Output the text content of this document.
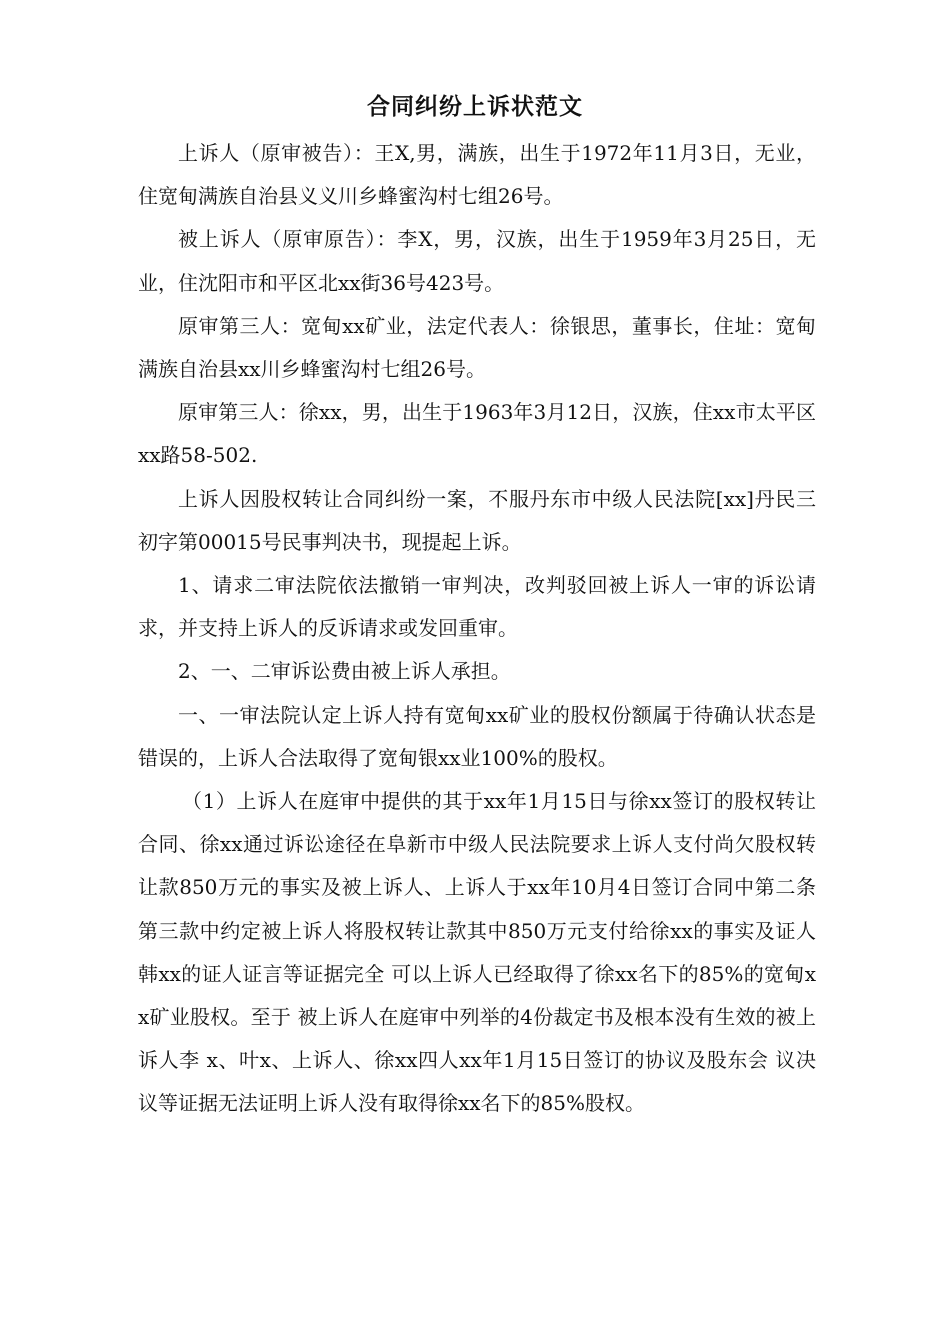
合同纠纷上诉状范文

上诉人（原审被告）：王X,男，满族，出生于1972年11月3日，无业，住宽甸满族自治县义义川乡蜂蜜沟村七组26号。

被上诉人（原审原告）：李X，男，汉族，出生于1959年3月25日，无业，住沈阳市和平区北xx街36号423号。

原审第三人：宽甸xx矿业，法定代表人：徐银思，董事长，住址：宽甸满族自治县xx川乡蜂蜜沟村七组26号。

原审第三人：徐xx，男，出生于1963年3月12日，汉族，住xx市太平区xx路58-502.

上诉人因股权转让合同纠纷一案，不服丹东市中级人民法院[xx]丹民三初字第00015号民事判决书，现提起上诉。

1、请求二审法院依法撤销一审判决，改判驳回被上诉人一审的诉讼请求，并支持上诉人的反诉请求或发回重审。

2、一、二审诉讼费由被上诉人承担。

一、一审法院认定上诉人持有宽甸xx矿业的股权份额属于待确认状态是错误的，上诉人合法取得了宽甸银xx业100%的股权。

（1）上诉人在庭审中提供的其于xx年1月15日与徐xx签订的股权转让合同、徐xx通过诉讼途径在阜新市中级人民法院要求上诉人支付尚欠股权转让款850万元的事实及被上诉人、上诉人于xx年10月4日签订合同中第二条第三款中约定被上诉人将股权转让款其中850万元支付给徐xx的事实及证人韩xx的证人证言等证据完全 可以上诉人已经取得了徐xx名下的85%的宽甸xx矿业股权。至于 被上诉人在庭审中列举的4份裁定书及根本没有生效的被上诉人李 x、叶x、上诉人、徐xx四人xx年1月15日签订的协议及股东会 议决议等证据无法证明上诉人没有取得徐xx名下的85%股权。
